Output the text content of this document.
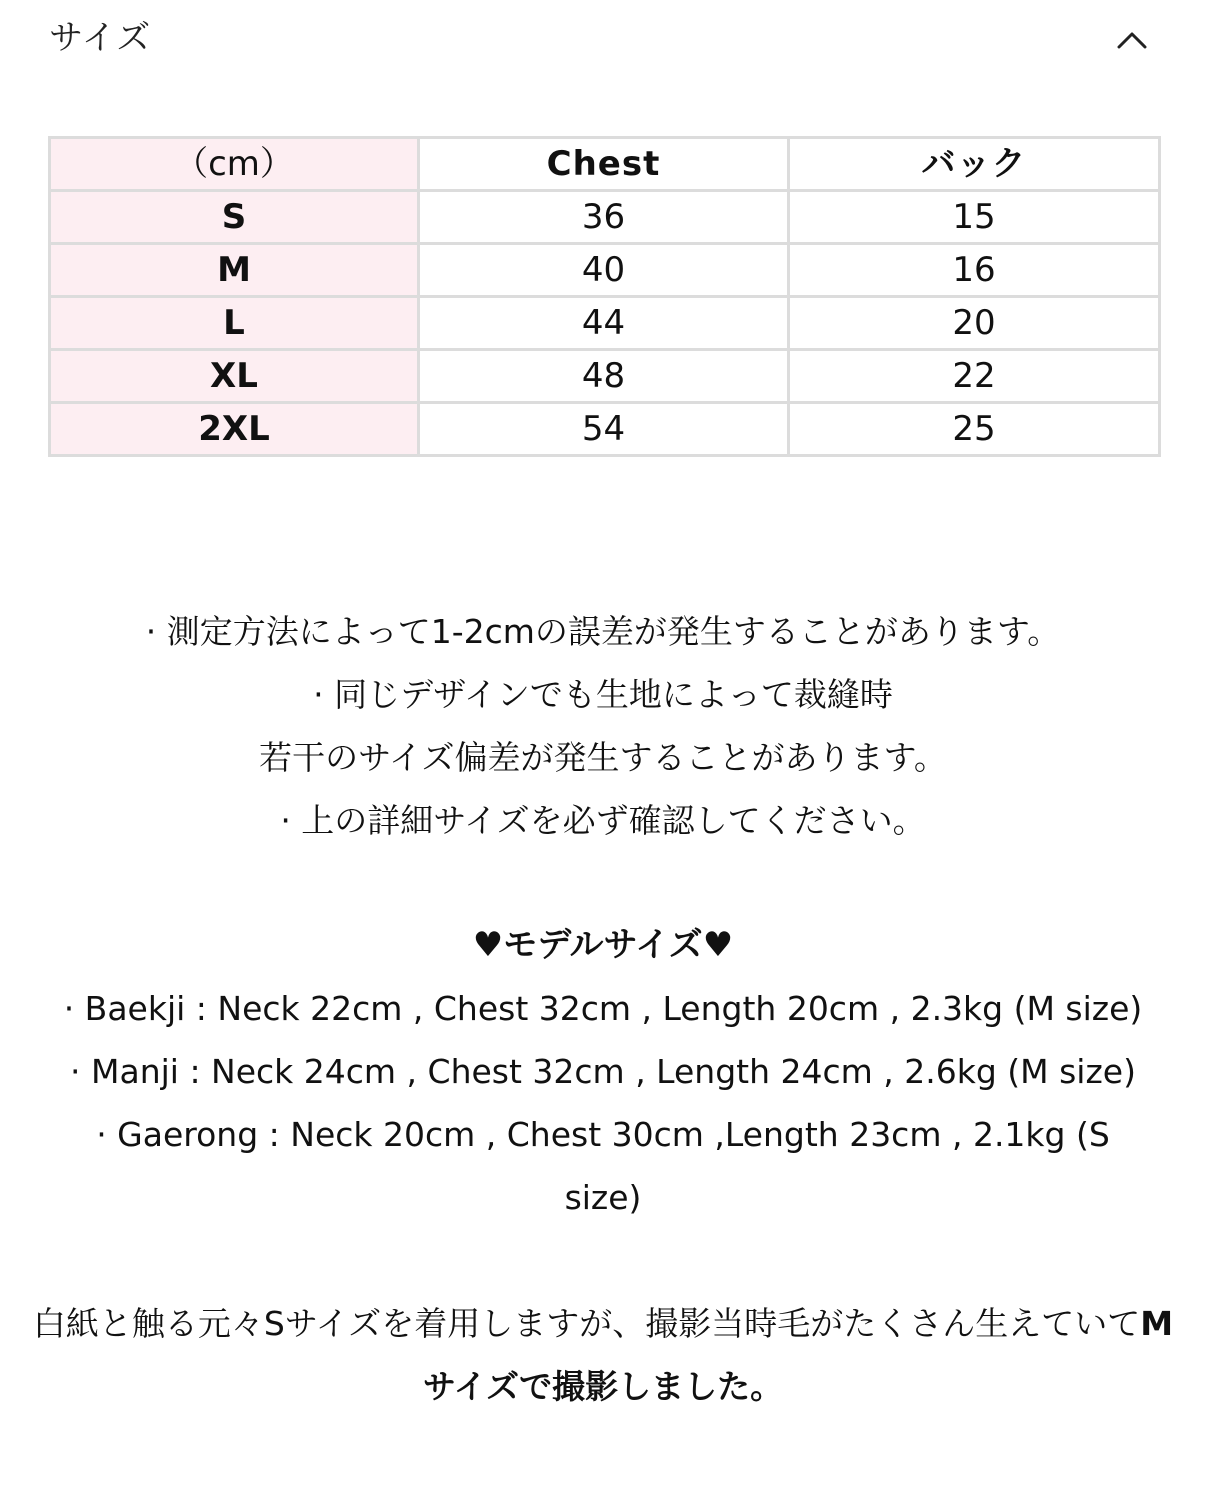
サイズ
（cm）	Chest	バック
S	36	15
M	40	16
L	44	20
XL	48	22
2XL	54	25
· 測定方法によって1-2cmの誤差が発生することがあります。
· 同じデザインでも生地によって裁縫時
若干のサイズ偏差が発生することがあります。
· 上の詳細サイズを必ず確認してください。
♥モデルサイズ♥
· Baekji : Neck 22cm , Chest 32cm , Length 20cm , 2.3kg (M size)
· Manji : Neck 24cm , Chest 32cm , Length 24cm , 2.6kg (M size)
· Gaerong : Neck 20cm , Chest 30cm ,Length 23cm , 2.1kg (S size)
白紙と触る元々Sサイズを着用しますが、撮影当時毛がたくさん生えていてMサイズで撮影しました。
